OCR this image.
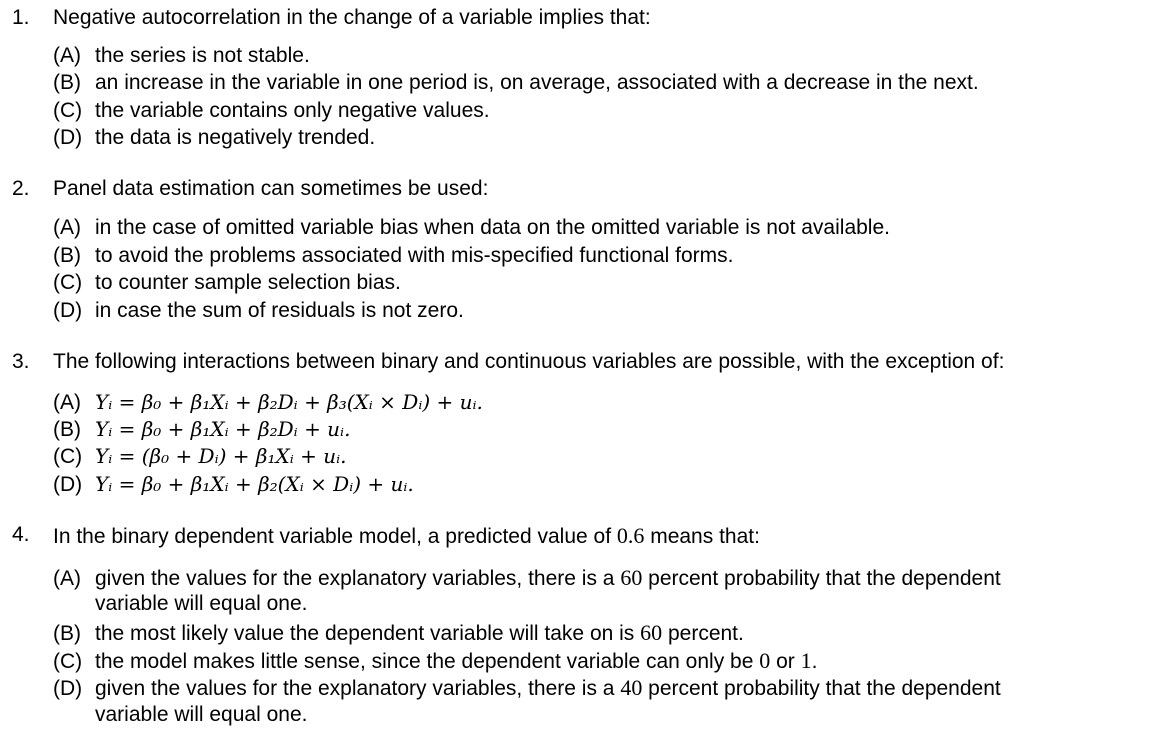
1. Negative autocorrelation in the change of a variable implies that:
(A) the series is not stable.
(B) an increase in the variable in one period is, on average, associated with a decrease in the next.
(C) the variable contains only negative values.
(D) the data is negatively trended.
2. Panel data estimation can sometimes be used:
(A) in the case of omitted variable bias when data on the omitted variable is not available.
(B) to avoid the problems associated with mis-specified functional forms.
(C) to counter sample selection bias.
(D) in case the sum of residuals is not zero.
3. The following interactions between binary and continuous variables are possible, with the exception of:
(A) Yᵢ = β₀ + β₁Xᵢ + β₂Dᵢ + β₃(Xᵢ × Dᵢ) + uᵢ.
(B) Yᵢ = β₀ + β₁Xᵢ + β₂Dᵢ + uᵢ.
(C) Yᵢ = (β₀ + Dᵢ) + β₁Xᵢ + uᵢ.
(D) Yᵢ = β₀ + β₁Xᵢ + β₂(Xᵢ × Dᵢ) + uᵢ.
4. In the binary dependent variable model, a predicted value of 0.6 means that:
(A) given the values for the explanatory variables, there is a 60 percent probability that the dependent
variable will equal one.
(B) the most likely value the dependent variable will take on is 60 percent.
(C) the model makes little sense, since the dependent variable can only be 0 or 1.
(D) given the values for the explanatory variables, there is a 40 percent probability that the dependent
variable will equal one.
